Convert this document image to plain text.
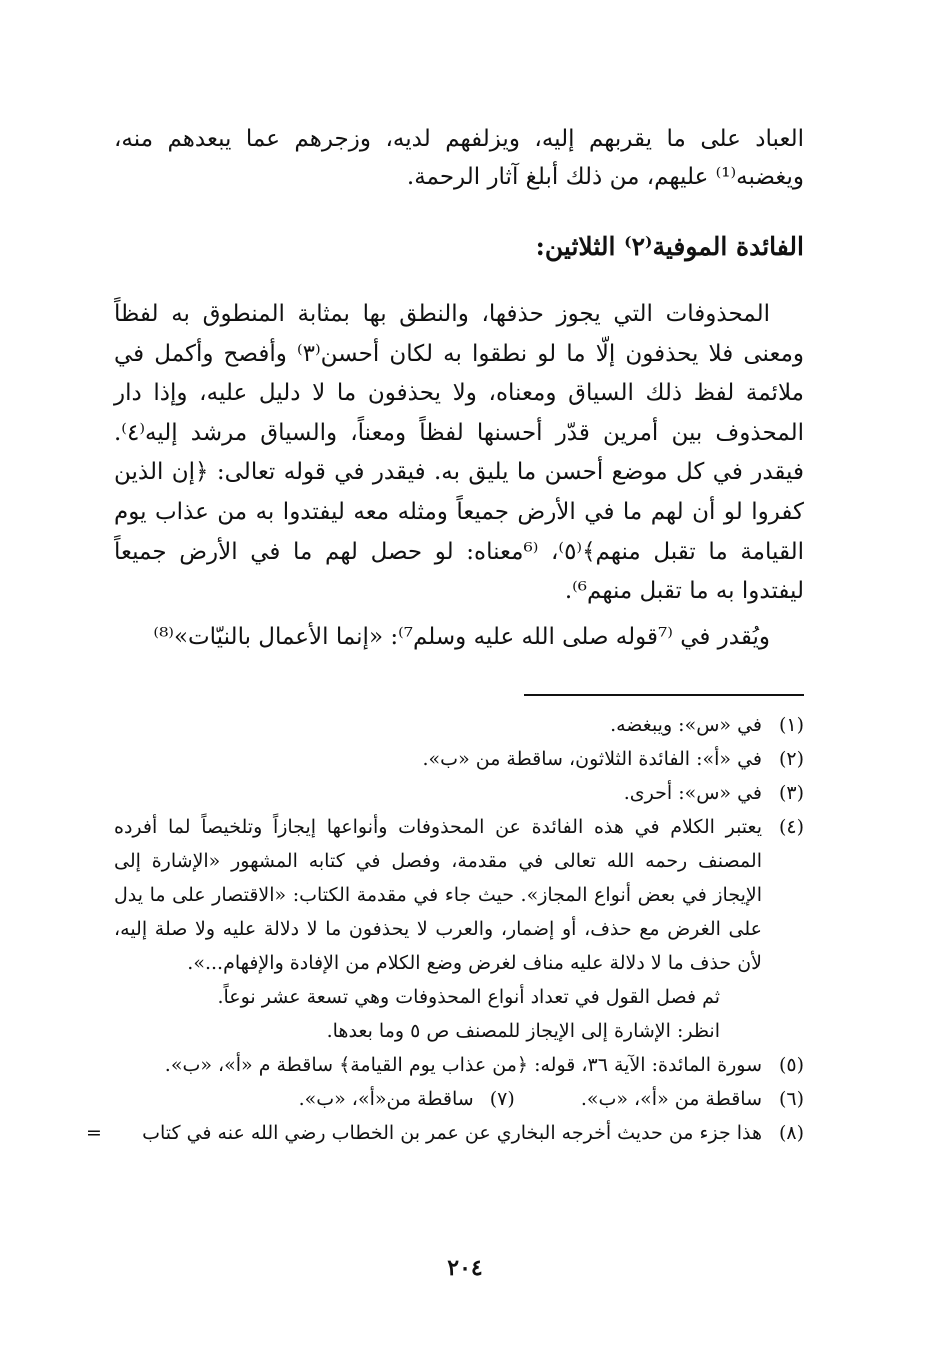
العباد على ما يقربهم إليه، ويزلفهم لديه، وزجرهم عما يبعدهم منه، ويغضبه⁽¹⁾ عليهم، من ذلك أبلغ آثار الرحمة.
الفائدة الموفية⁽٢⁾ الثلاثين:
المحذوفات التي يجوز حذفها، والنطق بها بمثابة المنطوق به لفظاً ومعنى فلا يحذفون إلّا ما لو نطقوا به لكان أحسن⁽٣⁾ وأفصح وأكمل في ملائمة لفظ ذلك السياق ومعناه، ولا يحذفون ما لا دليل عليه، وإذا دار المحذوف بين أمرين قدّر أحسنها لفظاً ومعناً، والسياق مرشد إليه⁽٤⁾. فيقدر في كل موضع أحسن ما يليق به. فيقدر في قوله تعالى: ﴿إن الذين كفروا لو أن لهم ما في الأرض جميعاً ومثله معه ليفتدوا به من عذاب يوم القيامة ما تقبل منهم﴾⁽٥⁾، ⁽⁶معناه: لو حصل لهم ما في الأرض جميعاً ليفتدوا به ما تقبل منهم⁶⁾.
ويُقدر في ⁽⁷قوله صلى الله عليه وسلم⁷⁾: «إنما الأعمال بالنيّات»⁽⁸⁾
(١)
في «س»: ويبغضه.
(٢)
في «أ»: الفائدة الثلاثون، ساقطة من «ب».
(٣)
في «س»: أحرى.
(٤)
يعتبر الكلام في هذه الفائدة عن المحذوفات وأنواعها إيجازاً وتلخيصاً لما أفرده المصنف رحمه الله تعالى في مقدمة، وفصل في كتابه المشهور «الإشارة إلى الإيجاز في بعض أنواع المجاز». حيث جاء في مقدمة الكتاب: «الاقتصار على ما يدل على الغرض مع حذف، أو إضمار، والعرب لا يحذفون ما لا دلالة عليه ولا صلة إليه، لأن حذف ما لا دلالة عليه مناف لغرض وضع الكلام من الإفادة والإفهام...».
ثم فصل القول في تعداد أنواع المحذوفات وهي تسعة عشر نوعاً.
انظر: الإشارة إلى الإيجاز للمصنف ص ٥ وما بعدها.
(٥)
سورة المائدة: الآية ٣٦، قوله: ﴿من عذاب يوم القيامة﴾ ساقطة م «أ»، «ب».
(٦)
ساقطة من «أ»، «ب». (٧)ساقطة من«أ»، «ب».
(٨)
هذا جزء من حديث أخرجه البخاري عن عمر بن الخطاب رضي الله عنه في كتاب
=
٢٠٤
